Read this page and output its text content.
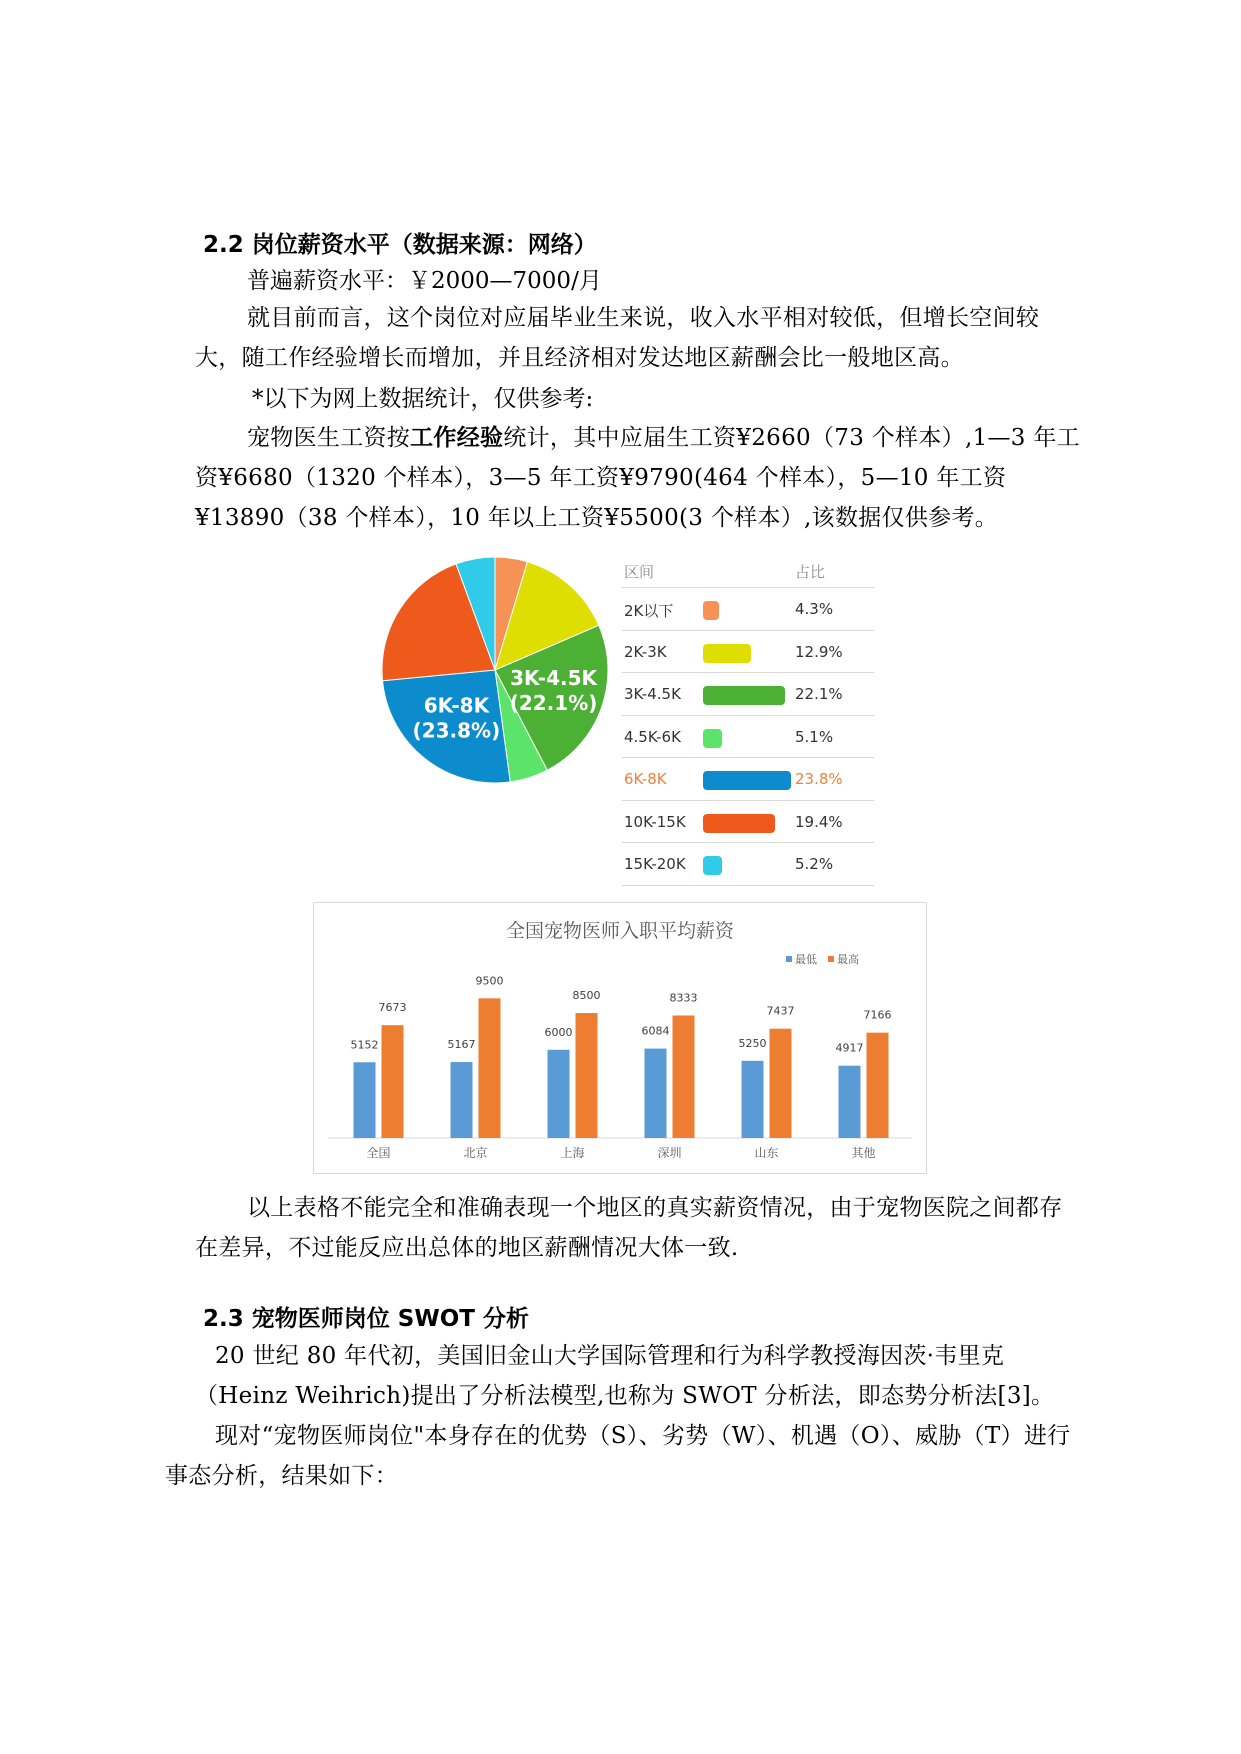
2.2 岗位薪资水平（数据来源：网络）
普遍薪资水平：￥2000—7000/月
就目前而言，这个岗位对应届毕业生来说，收入水平相对较低，但增长空间较大，随工作经验增长而增加，并且经济相对发达地区薪酬会比一般地区高。
*以下为网上数据统计，仅供参考:
宠物医生工资按工作经验统计，其中应届生工资¥2660（73 个样本）,1—3 年工资¥6680（1320 个样本），3—5 年工资¥9790(464 个样本），5—10 年工资¥13890（38 个样本），10 年以上工资¥5500(3 个样本）,该数据仅供参考。
6K-8K
(23.8%)
3K-4.5K
(22.1%)
区间	占比
2K以下	4.3%
2K-3K	12.9%
3K-4.5K	22.1%
4.5K-6K	5.1%
6K-8K	23.8%
10K-15K	19.4%
15K-20K	5.2%
全国宠物医师入职平均薪资
最低 最高
5152
7673
全国
5167
9500
北京
6000
8500
上海
6084
8333
深圳
5250
7437
山东
4917
7166
其他
以上表格不能完全和准确表现一个地区的真实薪资情况，由于宠物医院之间都存在差异，不过能反应出总体的地区薪酬情况大体一致.
2.3 宠物医师岗位 SWOT 分析
20 世纪 80 年代初，美国旧金山大学国际管理和行为科学教授海因茨·韦里克（Heinz Weihrich)提出了分析法模型,也称为 SWOT 分析法，即态势分析法[3]。
现对“宠物医师岗位"本身存在的优势（S）、劣势（W）、机遇（O）、威胁（T）进行事态分析，结果如下：
